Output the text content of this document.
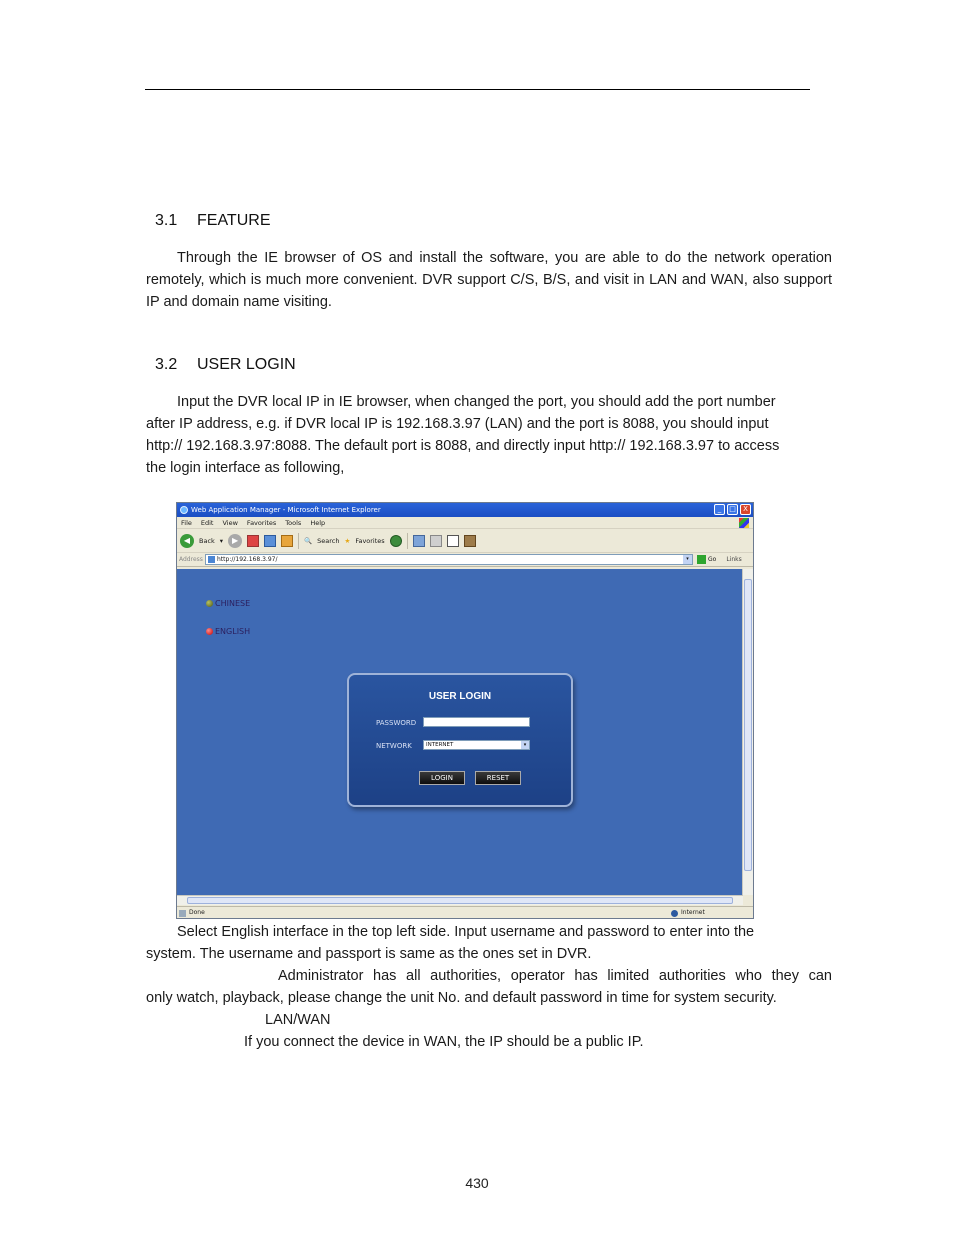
3.1 FEATURE
Through the IE browser of OS and install the software, you are able to do the network operation remotely, which is much more convenient. DVR support C/S, B/S, and visit in LAN and WAN, also support IP and domain name visiting.
3.2 USER LOGIN
Input the DVR local IP in IE browser, when changed the port, you should add the port number
after IP address, e.g. if DVR local IP is 192.168.3.97 (LAN) and the port is 8088, you should input
http:// 192.168.3.97:8088. The default port is 8088, and directly input http:// 192.168.3.97 to access
the login interface as following,
Web Application Manager - Microsoft Internet Explorer	_	□	X
File Edit View Favorites Tools Help
◀	Back ▾	▶	🔍 Search ★ Favorites
Address	http://192.168.3.97/	▾	Go Links
CHINESE
ENGLISH
USER LOGIN
PASSWORD
NETWORK	INTERNET	▾
LOGIN	RESET
Done	Internet
Select English interface in the top left side. Input username and password to enter into the
system. The username and passport is same as the ones set in DVR.
Administrator has all authorities, operator has limited authorities who they can
only watch, playback, please change the unit No. and default password in time for system security.
LAN/WAN
If you connect the device in WAN, the IP should be a public IP.
430
